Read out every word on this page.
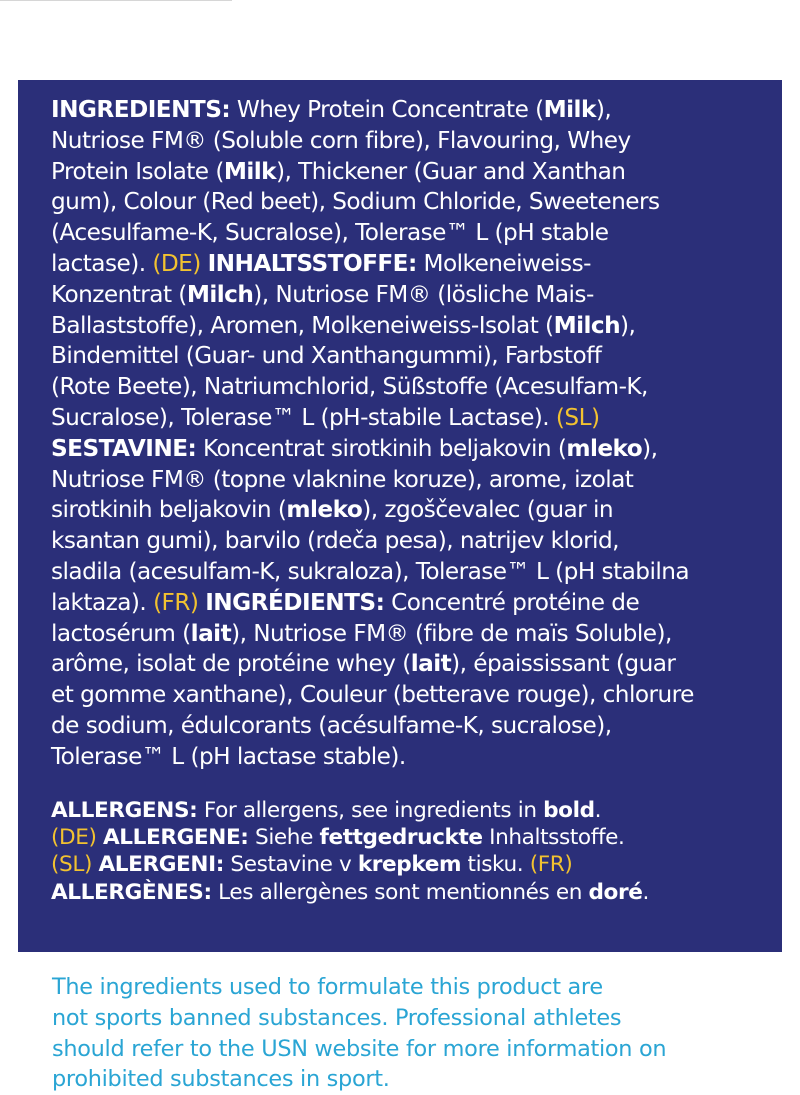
INGREDIENTS: Whey Protein Concentrate (Milk),
Nutriose FM® (Soluble corn fibre), Flavouring, Whey
Protein Isolate (Milk), Thickener (Guar and Xanthan
gum), Colour (Red beet), Sodium Chloride, Sweeteners
(Acesulfame-K, Sucralose), Tolerase™ L (pH stable
lactase). (DE) INHALTSSTOFFE: Molkeneiweiss-
Konzentrat (Milch), Nutriose FM® (lösliche Mais-
Ballaststoffe), Aromen, Molkeneiweiss-Isolat (Milch),
Bindemittel (Guar- und Xanthangummi), Farbstoff
(Rote Beete), Natriumchlorid, Süßstoffe (Acesulfam-K,
Sucralose), Tolerase™ L (pH-stabile Lactase). (SL)
SESTAVINE: Koncentrat sirotkinih beljakovin (mleko),
Nutriose FM® (topne vlaknine koruze), arome, izolat
sirotkinih beljakovin (mleko), zgoščevalec (guar in
ksantan gumi), barvilo (rdeča pesa), natrijev klorid,
sladila (acesulfam-K, sukraloza), Tolerase™ L (pH stabilna
laktaza). (FR) INGRÉDIENTS: Concentré protéine de
lactosérum (lait), Nutriose FM® (fibre de maïs Soluble),
arôme, isolat de protéine whey (lait), épaississant (guar
et gomme xanthane), Couleur (betterave rouge), chlorure
de sodium, édulcorants (acésulfame-K, sucralose),
Tolerase™ L (pH lactase stable).
ALLERGENS: For allergens, see ingredients in bold.
(DE) ALLERGENE: Siehe fettgedruckte Inhaltsstoffe.
(SL) ALERGENI: Sestavine v krepkem tisku. (FR)
ALLERGÈNES: Les allergènes sont mentionnés en doré.
The ingredients used to formulate this product are
not sports banned substances. Professional athletes
should refer to the USN website for more information on
prohibited substances in sport.
